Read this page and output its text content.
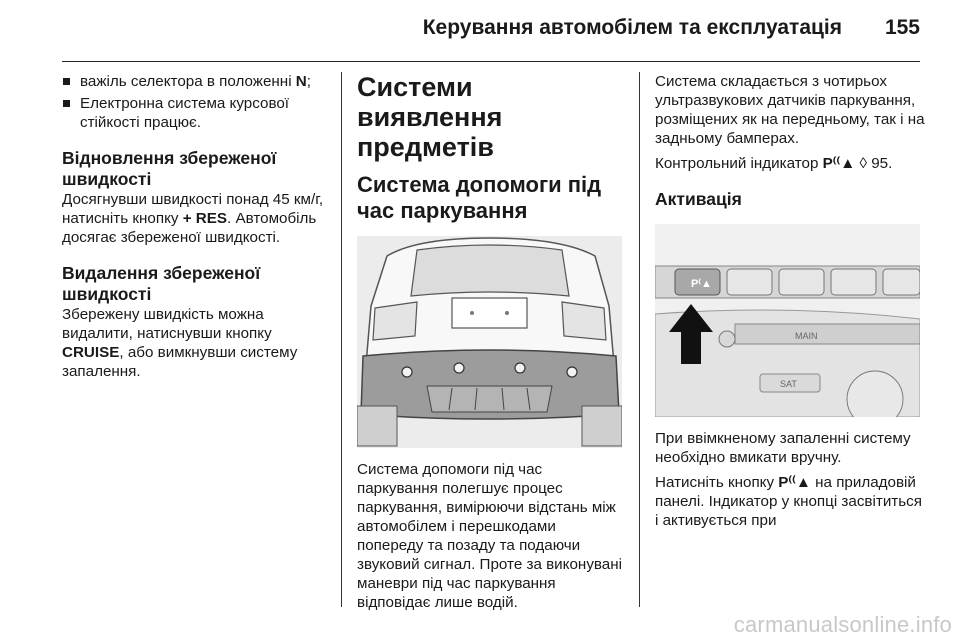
Керування автомобілем та експлуатація 155
важіль селектора в положенні N;
Електронна система курсової стійкості працює.
Відновлення збереженої швидкості

Досягнувши швидкості понад 45 км/г, натисніть кнопку + RES. Автомобіль досягає збереженої швидкості.

Видалення збереженої швидкості

Збережену швидкість можна видалити, натиснувши кнопку CRUISE, або вимкнувши систему запалення.

Системи виявлення предметів
Система допомоги під час паркування

Система допомоги під час паркування полегшує процес паркування, вимірюючи відстань між автомобілем і перешкодами попереду та позаду та подаючи звуковий сигнал. Проте за виконувані маневри під час паркування відповідає лише водій.

Система складається з чотирьох ультразвукових датчиків паркування, розміщених як на передньому, так і на задньому бамперах.

Контрольний індикатор P⁽⁽▲ ◊ 95.

Активація
P⁽▲
MAIN
SAT

При ввімкненому запаленні систему необхідно вмикати вручну.

Натисніть кнопку P⁽⁽▲ на приладовій панелі. Індикатор у кнопці засвітиться і активується при

carmanualsonline.info
